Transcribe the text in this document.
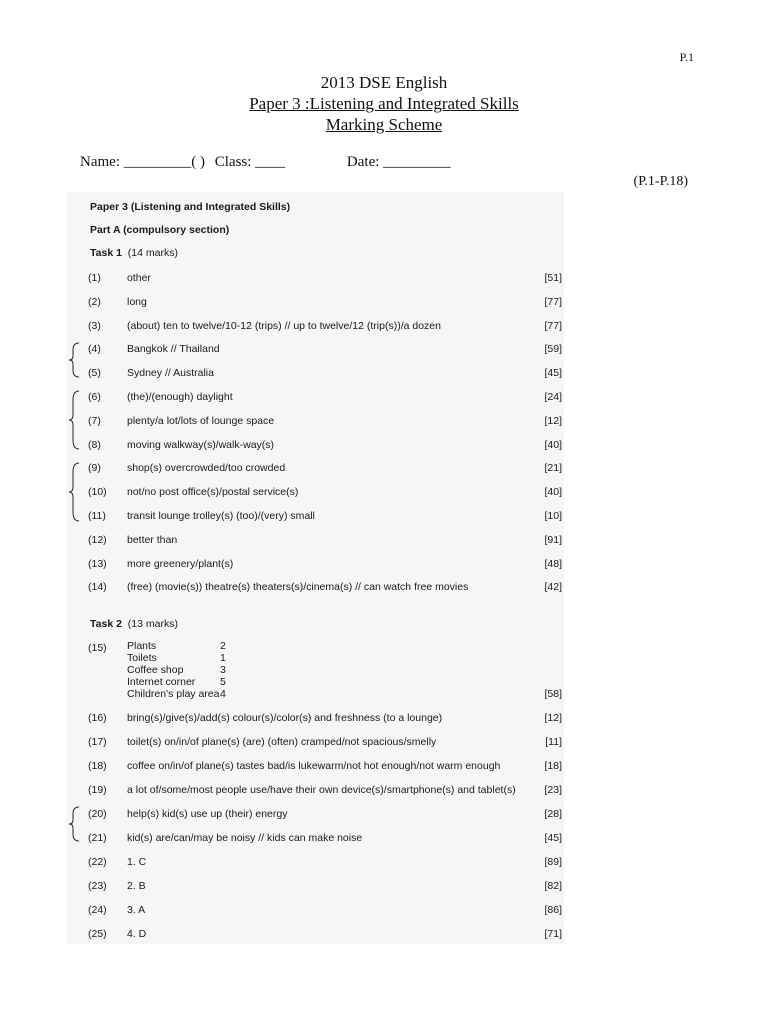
P.1
2013 DSE English
Paper 3 :Listening and Integrated Skills
Marking Scheme
Name: _________( ) Class: ____	Date: _________
(P.1-P.18)
Paper 3 (Listening and Integrated Skills)
Part A (compulsory section)
Task 1 (14 marks)
(1) other	[51]
(2) long	[77]
(3) (about) ten to twelve/10-12 (trips) // up to twelve/12 (trip(s))/a dozen	[77]
(4) Bangkok // Thailand	[59]
(5) Sydney // Australia	[45]
(6) (the)/(enough) daylight	[24]
(7) plenty/a lot/lots of lounge space	[12]
(8) moving walkway(s)/walk-way(s)	[40]
(9) shop(s) overcrowded/too crowded	[21]
(10) not/no post office(s)/postal service(s)	[40]
(11) transit lounge trolley(s) (too)/(very) small	[10]
(12) better than	[91]
(13) more greenery/plant(s)	[48]
(14) (free) (movie(s)) theatre(s) theaters(s)/cinema(s) // can watch free movies	[42]
Task 2 (13 marks)
(15) Plants	2
Toilets	1
Coffee shop	3
Internet corner 5
Children's play area 4	[58]
(16) bring(s)/give(s)/add(s) colour(s)/color(s) and freshness (to a lounge)	[12]
(17) toilet(s) on/in/of plane(s) (are) (often) cramped/not spacious/smelly	[11]
(18) coffee on/in/of plane(s) tastes bad/is lukewarm/not hot enough/not warm enough	[18]
(19) a lot of/some/most people use/have their own device(s)/smartphone(s) and tablet(s)	[23]
(20) help(s) kid(s) use up (their) energy	[28]
(21) kid(s) are/can/may be noisy // kids can make noise	[45]
(22) 1. C	[89]
(23) 2. B	[82]
(24) 3. A	[86]
(25) 4. D	[71]
